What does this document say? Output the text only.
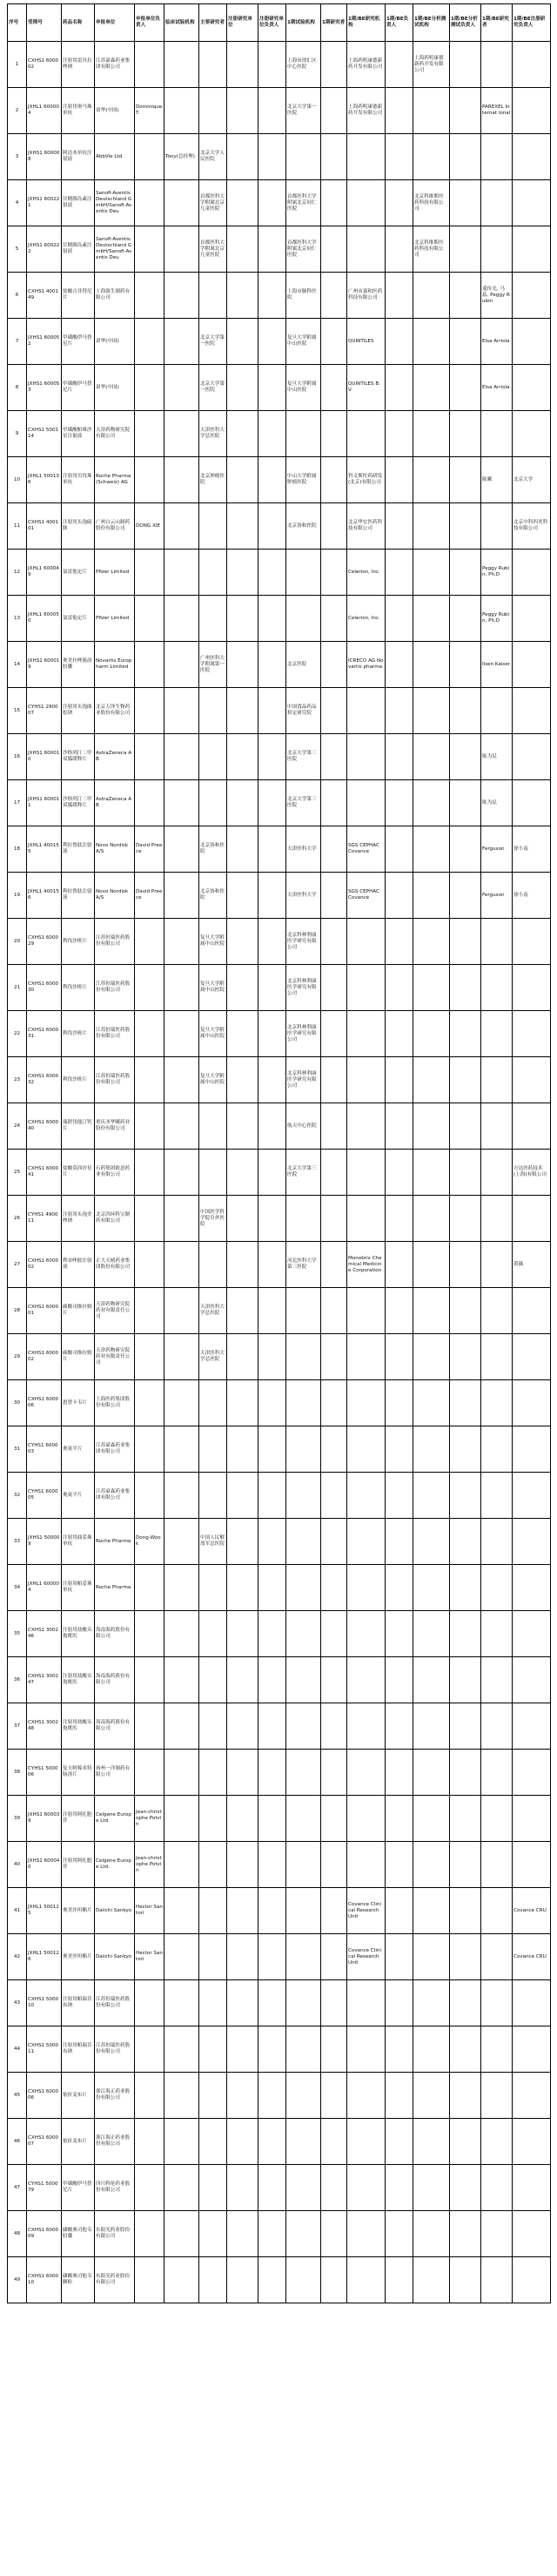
序号	受理号	药品名称	申报单位	申报单位负责人	临床试验机构	主要研究者	注册研究单位	注册研究单位负责人	1期试验机构	1期研究者	1期/BE研究机构	1期/BE负责人	1期/BE分析测试机构	1期/BE分析测试负责人	1期/BE研究者	1期/BE注册研究负责人
1	CXHS1 600002	注射用雷贝拉唑钠	江苏豪森药业集团有限公司						上海市徐汇区中心医院		上海药明康德新药开发有限公司		上海药明康德新药开发有限公司			
2	JXHL1 600004	注射用奥马珠单抗	诺华(中国)	Dominique T.					北京大学第一医院		上海药明康德新药开发有限公司				PAREXEL Internat ional	
3	JXHS1 600008	阿达木单抗注射液	AbbVie Ltd.		Tony(总经理)	北京大学人民医院										
4	JXHS1 600221	甘精胰岛素注射液	Sanofi-Aventis Deutschland GmbH/Sanofi-Aventis Deu			首都医科大学附属北京儿童医院			首都医科大学附属北京同仁医院				北京科维斯医药科技有限公司			
5	JXHS1 600222	甘精胰岛素注射液	Sanofi-Aventis Deutschland GmbH/Sanofi-Aventis Deu			首都医科大学附属北京儿童医院			首都医科大学附属北京同仁医院				北京科维斯医药科技有限公司			
6	CXHS1 400149	盐酸吉非替尼片	上海强生制药有限公司						上海市肺科医院		广州市嘉和医药科技有限公司				遥传光, 马蕊, Peggy Rubin	
7	JXHS1 600052	甲磺酸伊马替尼片	诺华(中国)			北京大学第一医院			复旦大学附属中山医院		QUINTILES				Elsa Arriola	
8	JXHS1 600053	甲磺酸伊马替尼片	诺华(中国)			北京大学第一医院			复旦大学附属中山医院		QUINTILES B.V.				Elsa Arriola	
9	CXHS1 500114	甲磺酸帕珠沙星注射液	天津药物研究院有限公司			天津医科大学总医院										
10	JXHL1 500136	注射用贝伐珠单抗	Roche Pharma(Schweiz) AG			北京肿瘤医院			中山大学附属肿瘤医院		科文斯医药研发(北京)有限公司				陈曦	北京大学
11	CXHS1 400101	注射用头孢硫脒	广州白云山制药股份有限公司	DONG XIE					北京协和医院		北京华宏医药科技有限公司					北京中科四美科技有限公司
12	JXHL1 600049	氯雷他定片	Pfizer Limited								Celerion, Inc.				Peggy Rubin, Ph.D	
13	JXHL1 600050	氯雷他定片	Pfizer Limited								Celerion, Inc.				Peggy Rubin, Ph.D	
14	JXHS1 600019	奥美拉唑肠溶胶囊	Novartis Europharm Limited			广州医科大学附属第一医院			北京医院		ICRECO AG Novartis pharma				Ilsen Kaiser	
15	CYHS1 290007	注射用头孢曲松钠	北京万泽生物药业股份有限公司						中国食品药品检定研究院							
16	JXHS1 600010	沙格列汀二甲双胍缓释片	AstraZeneca AB						北京大学第三医院						陈为民	
17	JXHS1 600011	沙格列汀二甲双胍缓释片	AstraZeneca AB						北京大学第三医院						陈为民	
18	JXHL1 400155	利拉鲁肽注射液	Novo Nordisk A/S	David Preece		北京协和医院			天津医科大学		SGS CEPHAC Covance				Ferguson	徐小南
19	JXHL1 400156	利拉鲁肽注射液	Novo Nordisk A/S	David Preece		北京协和医院			天津医科大学		SGS CEPHAC Covance				Ferguson	徐小南
20	CXHS1 600029	利伐沙班片	江苏恒瑞医药股份有限公司			复旦大学附属中山医院			北京科林利康医学研究有限公司							
21	CXHS1 600030	利伐沙班片	江苏恒瑞医药股份有限公司			复旦大学附属中山医院			北京科林利康医学研究有限公司							
22	CXHS1 600031	利伐沙班片	江苏恒瑞医药股份有限公司			复旦大学附属中山医院			北京科林利康医学研究有限公司							
23	CXHS1 600032	利伐沙班片	江苏恒瑞医药股份有限公司			复旦大学附属中山医院			北京科林利康医学研究有限公司							
24	CXHS1 600040	瑞舒伐他汀钙片	重庆圣华曦药业股份有限公司						航天中心医院							
25	CXHS1 600041	盐酸莫西沙星片	石药集团欧意药业有限公司						北京大学第三医院							方达医药技术(上海)有限公司
26	CYHS1 490011	注射用头孢美唑钠	北京四环科宝制药有限公司			中国医学科学院阜外医院										
27	CXHS1 600002	利奈唑胺注射液	正大天晴药业集团股份有限公司						河北医科大学第三医院		Monobrix Chemical Medicine Corporation					黄薇
28	CXHS1 600001	碳酸司维拉姆片	天津药物研究院药业有限责任公司			天津医科大学总医院										
29	CXHS1 600002	碳酸司维拉姆片	天津药物研究院药业有限责任公司			天津医科大学总医院										
30	CXHS1 600006	恩替卡韦片	上海医药集团股份有限公司													
31	CYHS1 600003	奥氮平片	江苏豪森药业集团有限公司													
32	CYHS1 600005	奥氮平片	江苏豪森药业集团有限公司													
33	JXHS1 500009	注射用曲妥珠单抗	Roche Pharma	Dong-Wook		中国人民解放军总医院										
34	JXHL1 600004	注射用帕妥珠单抗	Roche Pharma													
35	CXHS1 300246	注射用盐酸头孢吡肟	海南海药股份有限公司													
36	CXHS1 300247	注射用盐酸头孢吡肟	海南海药股份有限公司													
37	CXHS1 300248	注射用盐酸头孢吡肟	海南海药股份有限公司													
38	CYHS1 500006	复方阿嗪米特肠溶片	扬州一洋制药有限公司													
39	JXHS1 600039	注射用阿扎胞苷	Celgene Europe Ltd.	Jean-christophe Potvin												
40	JXHS1 600040	注射用阿扎胞苷	Celgene Europe Ltd.	Jean-christophe Potvin												
41	JXHL1 500125	奥美沙坦酯片	Daiichi Sankyo	Hector Santori							Covance Clinical Research Unit					Covance CRU
42	JXHL1 500126	奥美沙坦酯片	Daiichi Sankyo	Hector Santori							Covance Clinical Research Unit					Covance CRU
43	CXHS1 500010	注射用帕瑞昔布钠	江苏恒瑞医药股份有限公司													
44	CXHS1 500011	注射用帕瑞昔布钠	江苏恒瑞医药股份有限公司													
45	CXHS1 600006	依折麦布片	浙江海正药业股份有限公司													
46	CXHS1 600007	依折麦布片	浙江海正药业股份有限公司													
47	CYHS1 500079	甲磺酸伊马替尼片	四川科伦药业股份有限公司													
48	CXHS1 600009	磷酸奥司他韦胶囊	东阳光药业股份有限公司													
49	CXHS1 600010	磷酸奥司他韦颗粒	东阳光药业股份有限公司													
